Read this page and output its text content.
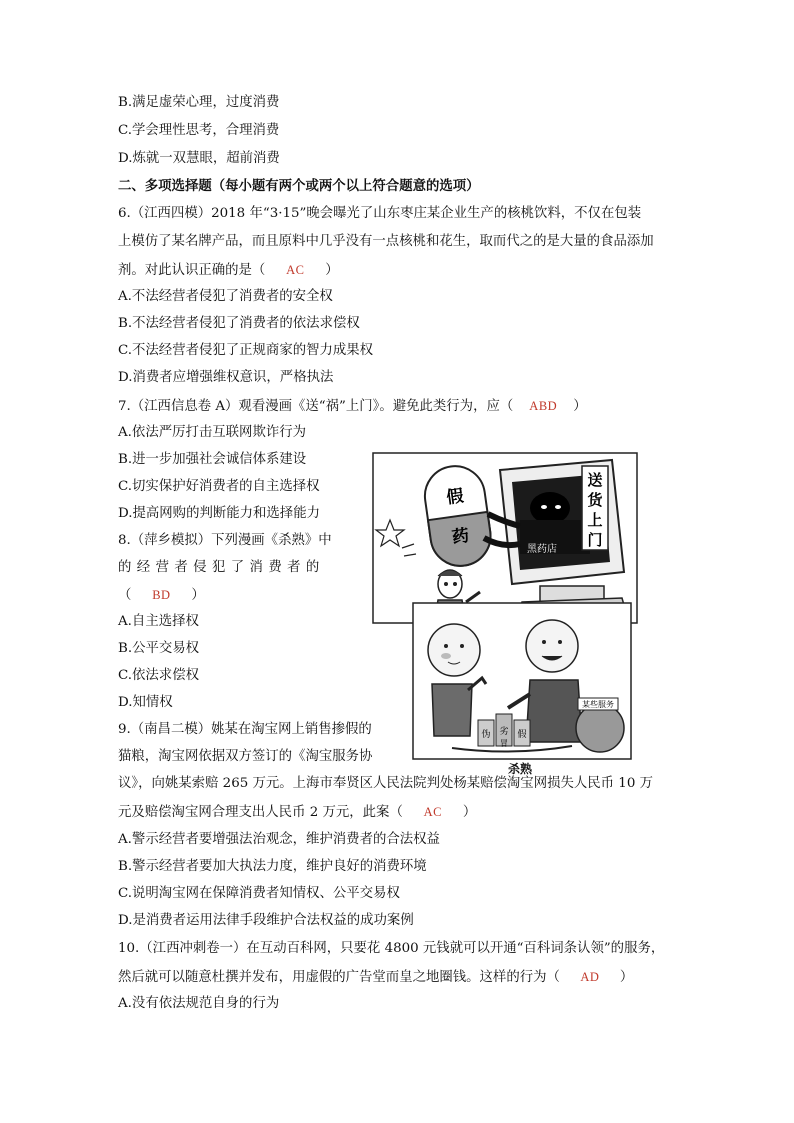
B.满足虚荣心理，过度消费
C.学会理性思考，合理消费
D.炼就一双慧眼，超前消费
二、多项选择题（每小题有两个或两个以上符合题意的选项）
6.（江西四模）2018 年“3·15”晚会曝光了山东枣庄某企业生产的核桃饮料，不仅在包装
上模仿了某名牌产品，而且原料中几乎没有一点核桃和花生，取而代之的是大量的食品添加
剂。对此认识正确的是（ AC ）
A.不法经营者侵犯了消费者的安全权
B.不法经营者侵犯了消费者的依法求偿权
C.不法经营者侵犯了正规商家的智力成果权
D.消费者应增强维权意识，严格执法
7.（江西信息卷 A）观看漫画《送“祸”上门》。避免此类行为，应（ ABD ）
A.依法严厉打击互联网欺诈行为
B.进一步加强社会诚信体系建设
C.切实保护好消费者的自主选择权
D.提高网购的判断能力和选择能力
8.（萍乡模拟）下列漫画《杀熟》中
的经营者侵犯了消费者的
（ BD ）
A.自主选择权
B.公平交易权
C.依法求偿权
D.知情权
9.（南昌二模）姚某在淘宝网上销售掺假的
猫粮，淘宝网依据双方签订的《淘宝服务协
议》，向姚某索赔 265 万元。上海市奉贤区人民法院判处杨某赔偿淘宝网损失人民币 10 万
元及赔偿淘宝网合理支出人民币 2 万元，此案（ AC ）
A.警示经营者要增强法治观念，维护消费者的合法权益
B.警示经营者要加大执法力度，维护良好的消费环境
C.说明淘宝网在保障消费者知情权、公平交易权
D.是消费者运用法律手段维护合法权益的成功案例
10.（江西冲刺卷一）在互动百科网，只要花 4800 元钱就可以开通“百科词条认领”的服务，
然后就可以随意杜撰并发布，用虚假的广告堂而皇之地圈钱。这样的行为（ AD ）
A.没有依法规范自身的行为
送
货
上
门
黑药店
假
药
某些服务
伪 劣 假
冒
杀熟
